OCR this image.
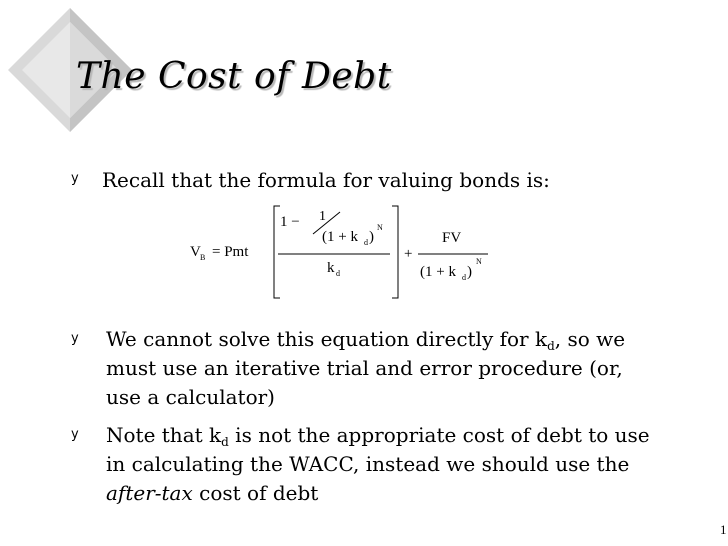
The Cost of Debt
y Recall that the formula for valuing bonds is:
V B = Pmt
1 − 1
(1 + k d )
N
k d
+
FV
(1 + k d )
N
y We cannot solve this equation directly for $k_d$, so we
must use an iterative trial and error procedure (or,
use a calculator)
y Note that $k_d$ is not the appropriate cost of debt to use
in calculating the WACC, instead we should use the
after-tax cost of debt
1
